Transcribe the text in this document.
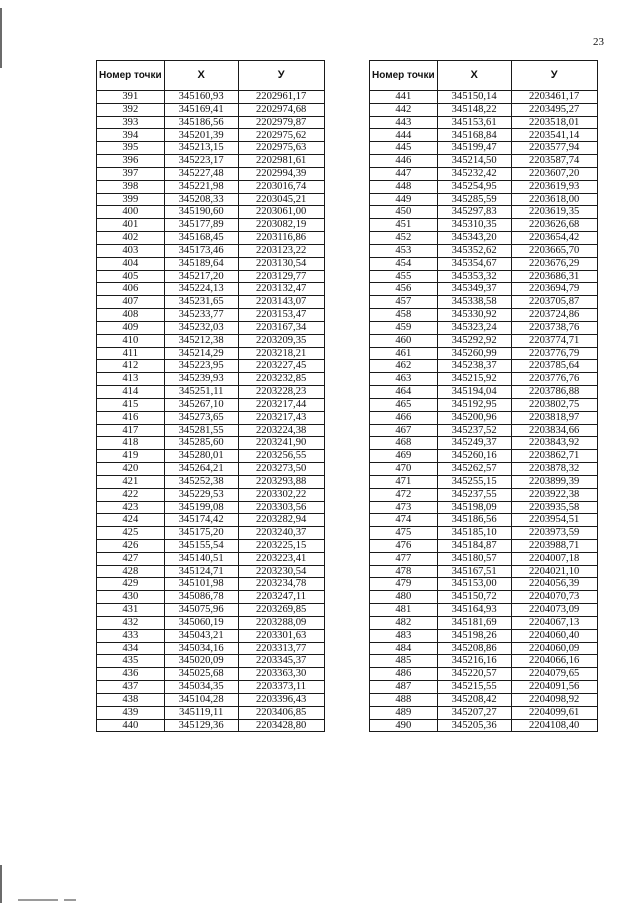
23
Номер точки	X	У
391	345160,93	2202961,17
392	345169,41	2202974,68
393	345186,56	2202979,87
394	345201,39	2202975,62
395	345213,15	2202975,63
396	345223,17	2202981,61
397	345227,48	2202994,39
398	345221,98	2203016,74
399	345208,33	2203045,21
400	345190,60	2203061,00
401	345177,89	2203082,19
402	345168,45	2203116,86
403	345173,46	2203123,22
404	345189,64	2203130,54
405	345217,20	2203129,77
406	345224,13	2203132,47
407	345231,65	2203143,07
408	345233,77	2203153,47
409	345232,03	2203167,34
410	345212,38	2203209,35
411	345214,29	2203218,21
412	345223,95	2203227,45
413	345239,93	2203232,85
414	345251,11	2203228,23
415	345267,10	2203217,44
416	345273,65	2203217,43
417	345281,55	2203224,38
418	345285,60	2203241,90
419	345280,01	2203256,55
420	345264,21	2203273,50
421	345252,38	2203293,88
422	345229,53	2203302,22
423	345199,08	2203303,56
424	345174,42	2203282,94
425	345175,20	2203240,37
426	345155,54	2203225,15
427	345140,51	2203223,41
428	345124,71	2203230,54
429	345101,98	2203234,78
430	345086,78	2203247,11
431	345075,96	2203269,85
432	345060,19	2203288,09
433	345043,21	2203301,63
434	345034,16	2203313,77
435	345020,09	2203345,37
436	345025,68	2203363,30
437	345034,35	2203373,11
438	345104,28	2203396,43
439	345119,11	2203406,85
440	345129,36	2203428,80
Номер точки	X	У
441	345150,14	2203461,17
442	345148,22	2203495,27
443	345153,61	2203518,01
444	345168,84	2203541,14
445	345199,47	2203577,94
446	345214,50	2203587,74
447	345232,42	2203607,20
448	345254,95	2203619,93
449	345285,59	2203618,00
450	345297,83	2203619,35
451	345310,35	2203626,68
452	345343,20	2203654,42
453	345352,62	2203665,70
454	345354,67	2203676,29
455	345353,32	2203686,31
456	345349,37	2203694,79
457	345338,58	2203705,87
458	345330,92	2203724,86
459	345323,24	2203738,76
460	345292,92	2203774,71
461	345260,99	2203776,79
462	345238,37	2203785,64
463	345215,92	2203776,76
464	345194,04	2203786,88
465	345192,95	2203802,75
466	345200,96	2203818,97
467	345237,52	2203834,66
468	345249,37	2203843,92
469	345260,16	2203862,71
470	345262,57	2203878,32
471	345255,15	2203899,39
472	345237,55	2203922,38
473	345198,09	2203935,58
474	345186,56	2203954,51
475	345185,10	2203973,59
476	345184,87	2203988,71
477	345180,57	2204007,18
478	345167,51	2204021,10
479	345153,00	2204056,39
480	345150,72	2204070,73
481	345164,93	2204073,09
482	345181,69	2204067,13
483	345198,26	2204060,40
484	345208,86	2204060,09
485	345216,16	2204066,16
486	345220,57	2204079,65
487	345215,55	2204091,56
488	345208,42	2204098,92
489	345207,27	2204099,61
490	345205,36	2204108,40
